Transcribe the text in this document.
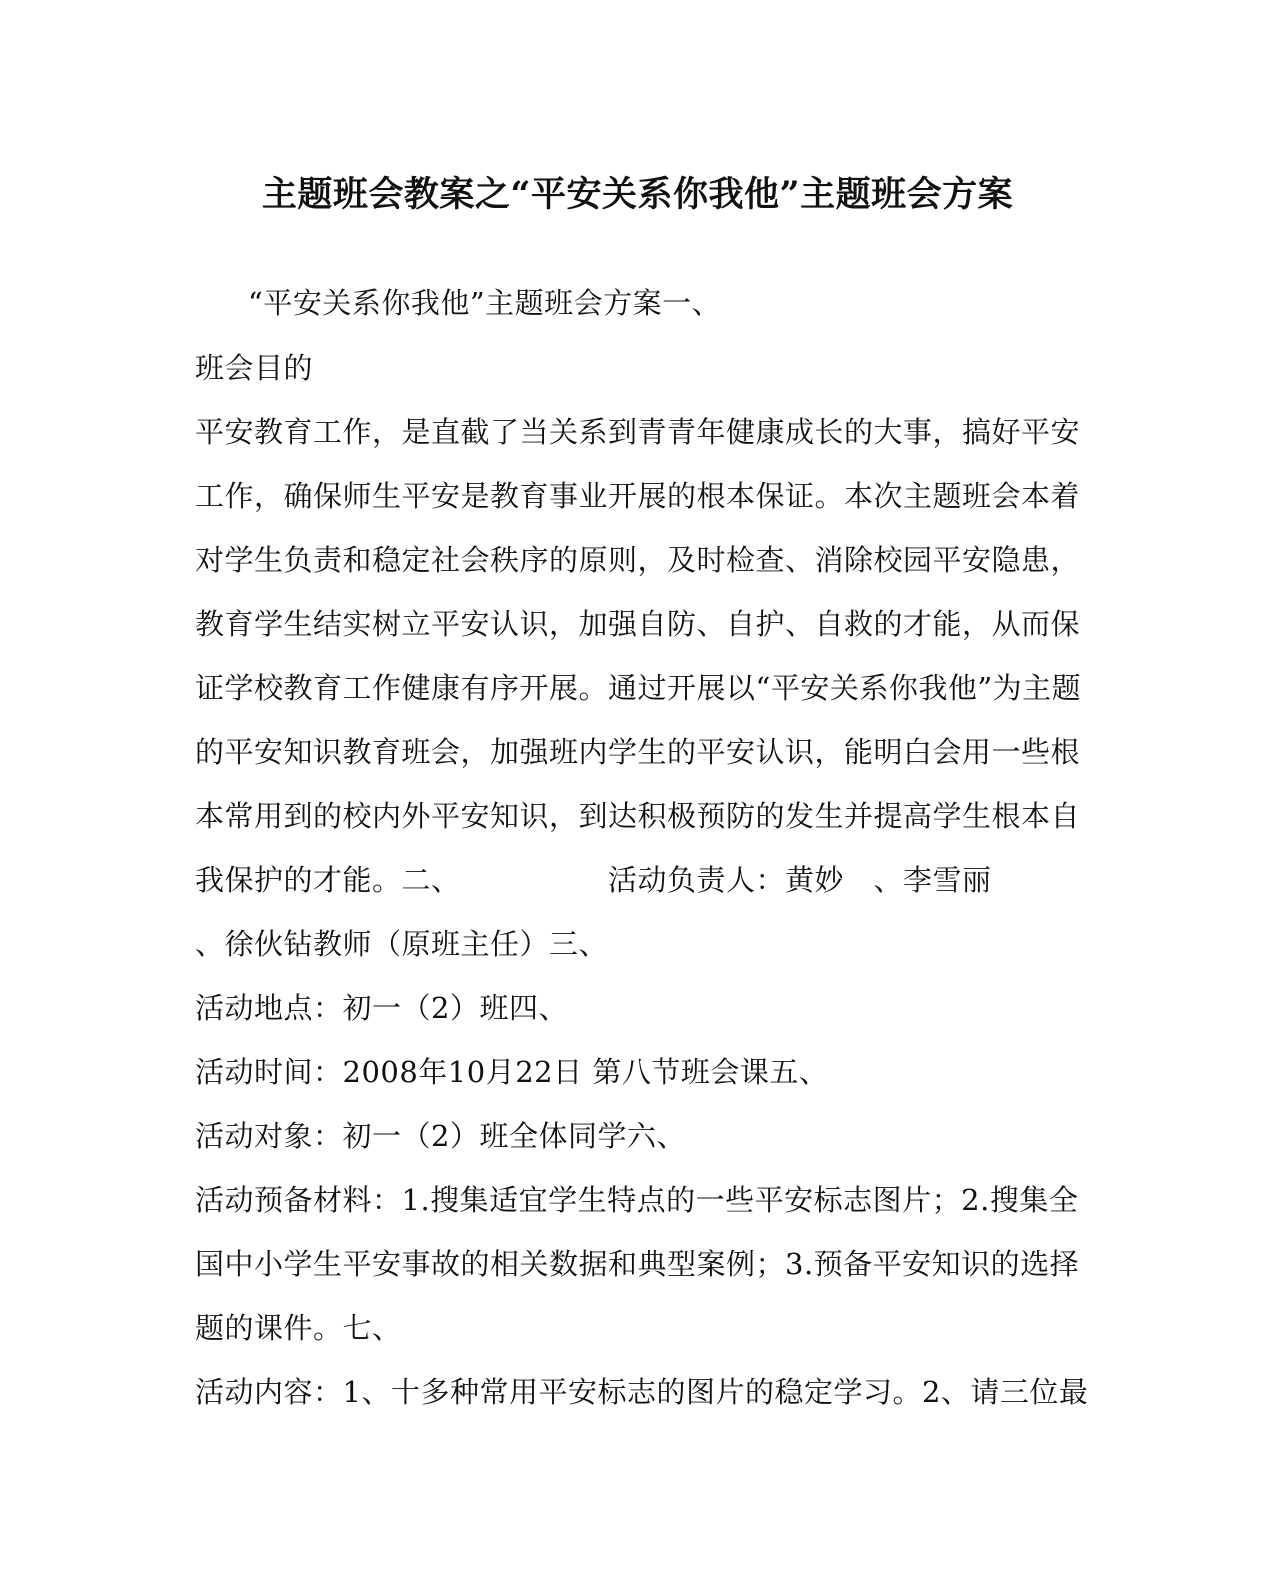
主题班会教案之“平安关系你我他”主题班会方案
“平安关系你我他”主题班会方案一、
班会目的
平安教育工作，是直截了当关系到青青年健康成长的大事，搞好平安
工作，确保师生平安是教育事业开展的根本保证。本次主题班会本着
对学生负责和稳定社会秩序的原则，及时检查、消除校园平安隐患，
教育学生结实树立平安认识，加强自防、自护、自救的才能，从而保
证学校教育工作健康有序开展。通过开展以“平安关系你我他”为主题
的平安知识教育班会，加强班内学生的平安认识，能明白会用一些根
本常用到的校内外平安知识，到达积极预防的发生并提高学生根本自
我保护的才能。二、	活动负责人：黄妙　、李雪丽
、徐伙钻教师（原班主任）三、
活动地点：初一（2）班四、
活动时间：2008年10月22日 第八节班会课五、
活动对象：初一（2）班全体同学六、
活动预备材料：1.搜集适宜学生特点的一些平安标志图片；2.搜集全
国中小学生平安事故的相关数据和典型案例；3.预备平安知识的选择
题的课件。七、
活动内容：1、十多种常用平安标志的图片的稳定学习。2、请三位最
